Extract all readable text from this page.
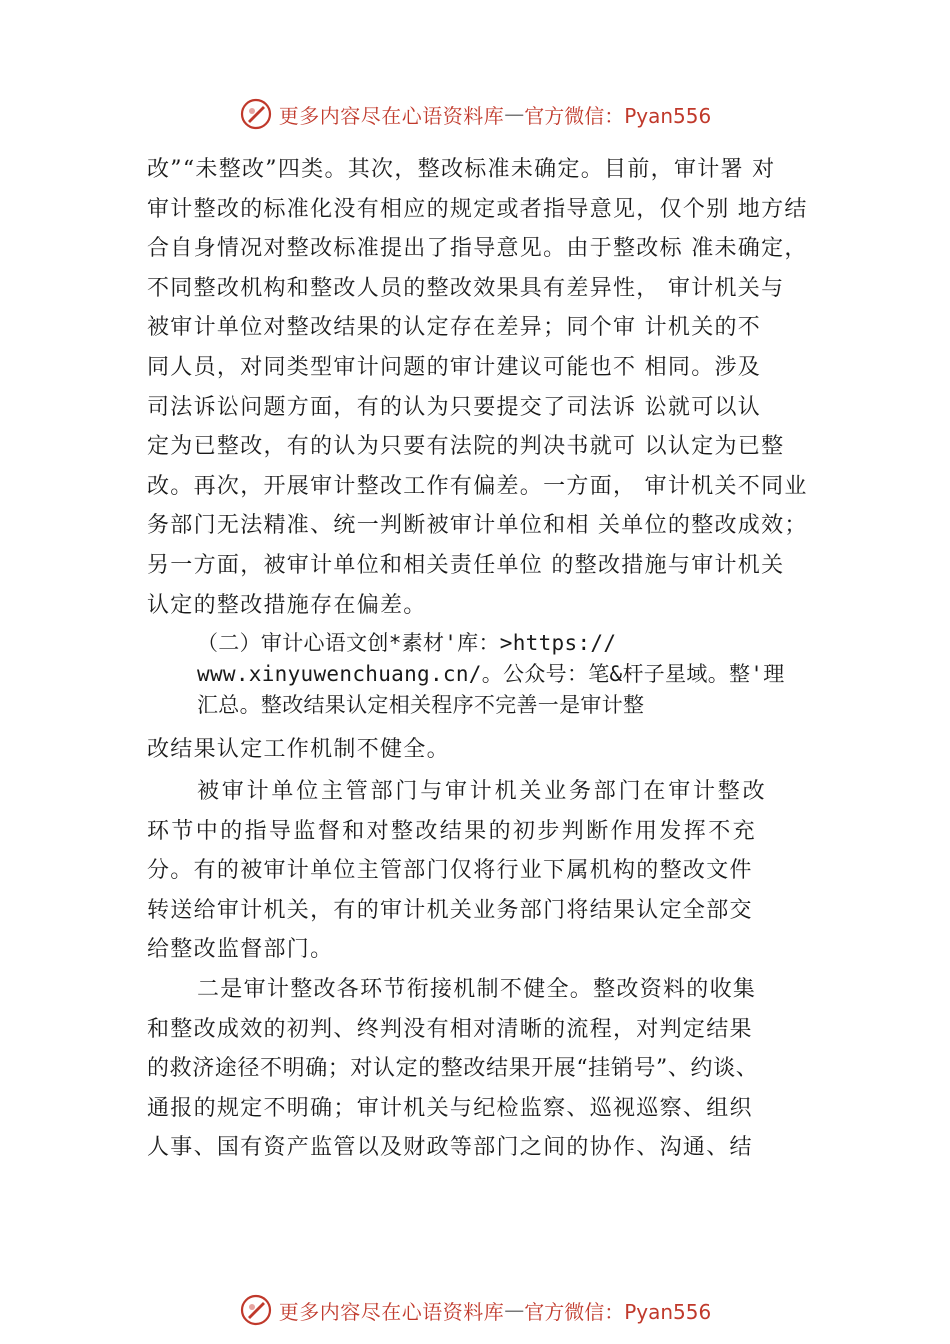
更多内容尽在心语资料库 — 官方微信：Pyan556
改”“未整改”四类。其次，整改标准未确定。目前，审计署 对
审计整改的标准化没有相应的规定或者指导意见，仅个别 地方结
合自身情况对整改标准提出了指导意见。由于整改标 准未确定，
不同整改机构和整改人员的整改效果具有差异性， 审计机关与
被审计单位对整改结果的认定存在差异；同个审 计机关的不
同人员，对同类型审计问题的审计建议可能也不 相同。涉及
司法诉讼问题方面，有的认为只要提交了司法诉 讼就可以认
定为已整改，有的认为只要有法院的判决书就可 以认定为已整
改。再次，开展审计整改工作有偏差。一方面， 审计机关不同业
务部门无法精准、统一判断被审计单位和相 关单位的整改成效；
另一方面，被审计单位和相关责任单位 的整改措施与审计机关
认定的整改措施存在偏差。
（二）审计心语文创*素材'库：>https://
www.xinyuwenchuang.cn/。公众号：笔&杆子星域。整'理
汇总。整改结果认定相关程序不完善一是审计整
改结果认定工作机制不健全。
被审计单位主管部门与审计机关业务部门在审计整改
环节中的指导监督和对整改结果的初步判断作用发挥不充
分。有的被审计单位主管部门仅将行业下属机构的整改文件
转送给审计机关，有的审计机关业务部门将结果认定全部交
给整改监督部门。
二是审计整改各环节衔接机制不健全。整改资料的收集
和整改成效的初判、终判没有相对清晰的流程，对判定结果
的救济途径不明确；对认定的整改结果开展“挂销号”、约谈、
通报的规定不明确；审计机关与纪检监察、巡视巡察、组织
人事、国有资产监管以及财政等部门之间的协作、沟通、结
更多内容尽在心语资料库 — 官方微信：Pyan556
